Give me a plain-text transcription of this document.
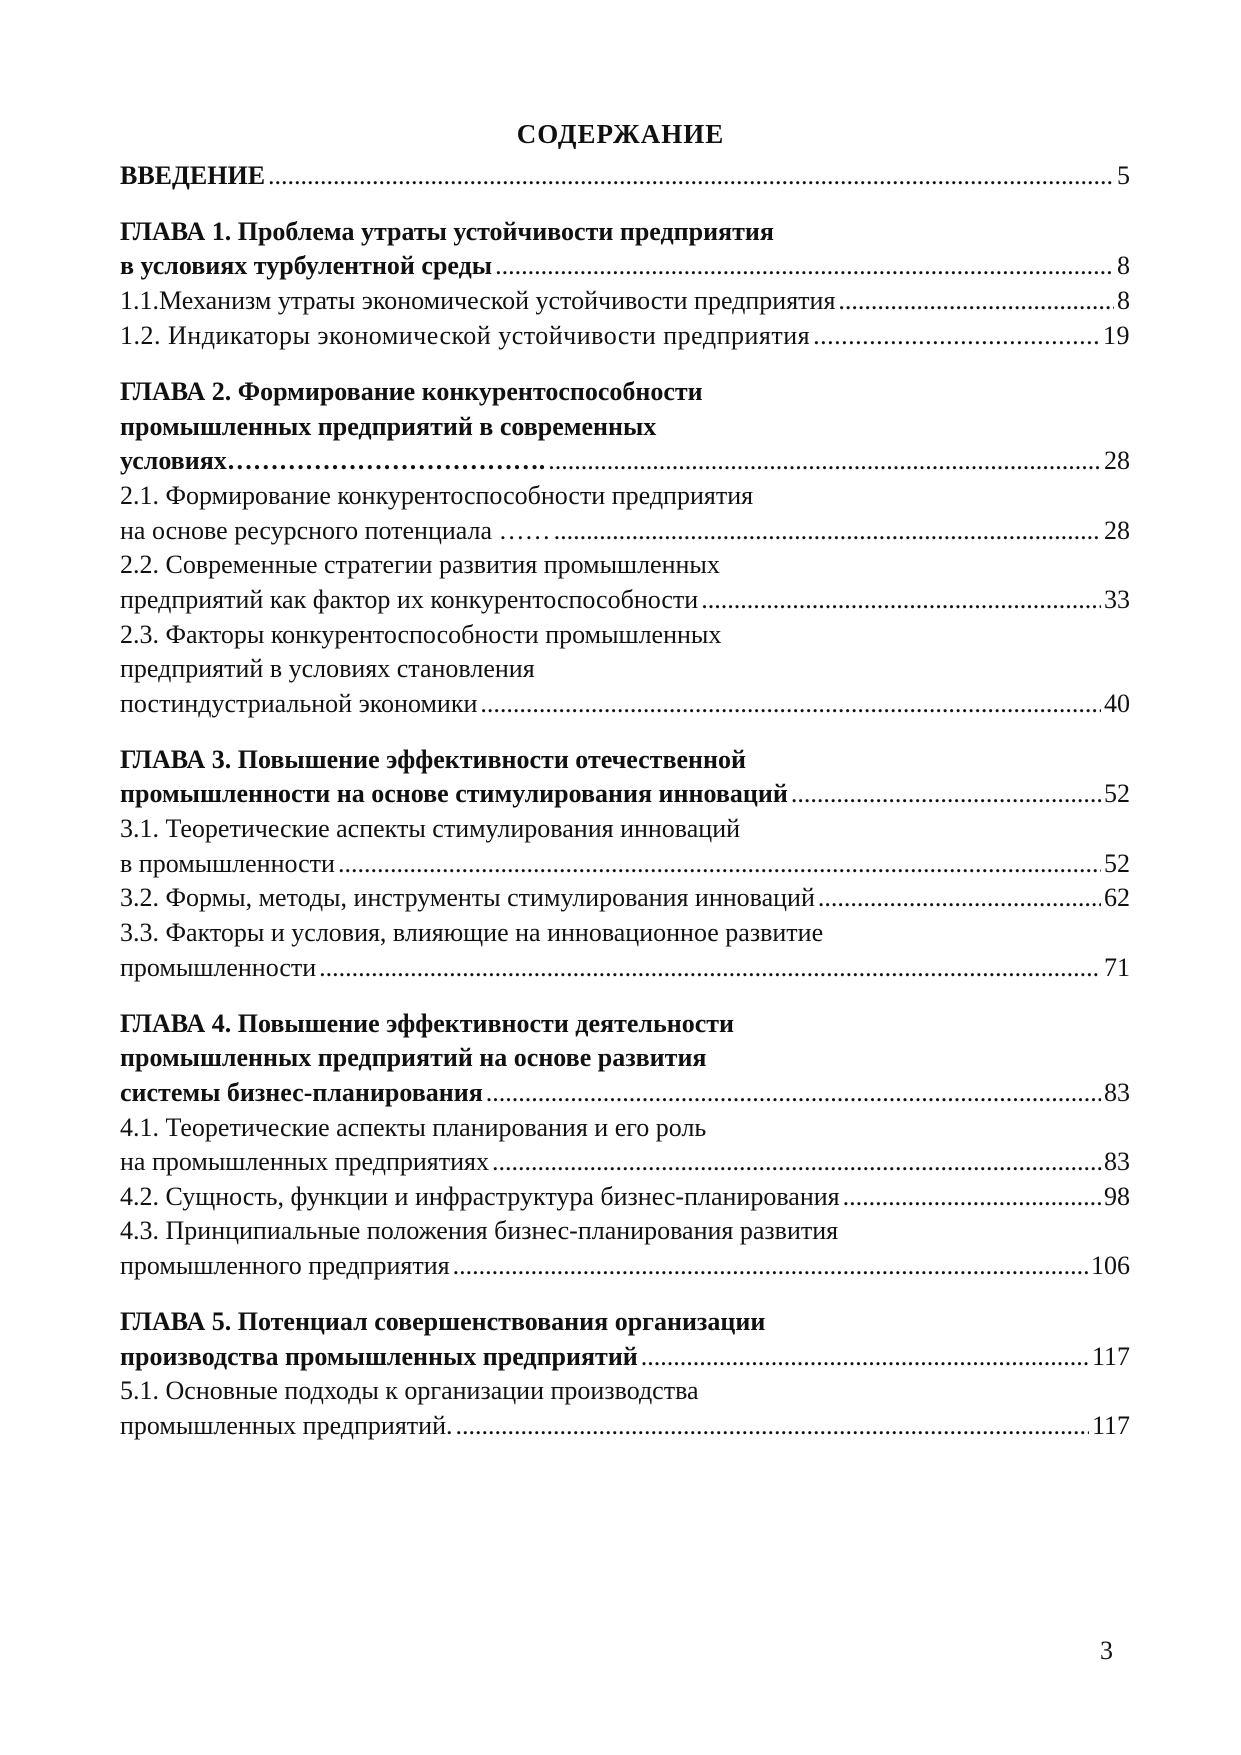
СОДЕРЖАНИЕ
ВВЕДЕНИЕ .....	5
ГЛАВА 1. Проблема утраты устойчивости предприятия
в условиях турбулентной среды .....	8
1.1.Механизм утраты экономической устойчивости предприятия .....	8
1.2. Индикаторы экономической устойчивости предприятия .....	19
ГЛАВА 2. Формирование конкурентоспособности
промышленных предприятий в современных
условиях………………………………. .....	28
2.1. Формирование конкурентоспособности предприятия
на основе ресурсного потенциала …… .....	28
2.2. Современные стратегии развития промышленных
предприятий как фактор их конкурентоспособности .....	33
2.3. Факторы конкурентоспособности промышленных
предприятий в условиях становления
постиндустриальной экономики .....	40
ГЛАВА 3. Повышение эффективности отечественной
промышленности на основе стимулирования инноваций .....	52
3.1. Теоретические аспекты стимулирования инноваций
в промышленности .....	52
3.2. Формы, методы, инструменты стимулирования инноваций .....	62
3.3. Факторы и условия, влияющие на инновационное развитие
промышленности .....	71
ГЛАВА 4. Повышение эффективности деятельности
промышленных предприятий на основе развития
системы бизнес-планирования .....	83
4.1. Теоретические аспекты планирования и его роль
на промышленных предприятиях .....	83
4.2. Сущность, функции и инфраструктура бизнес-планирования .....	98
4.3. Принципиальные положения бизнес-планирования развития
промышленного предприятия .....	106
ГЛАВА 5. Потенциал совершенствования организации
производства промышленных предприятий .....	117
5.1. Основные подходы к организации производства
промышленных предприятий. .....	117
3
